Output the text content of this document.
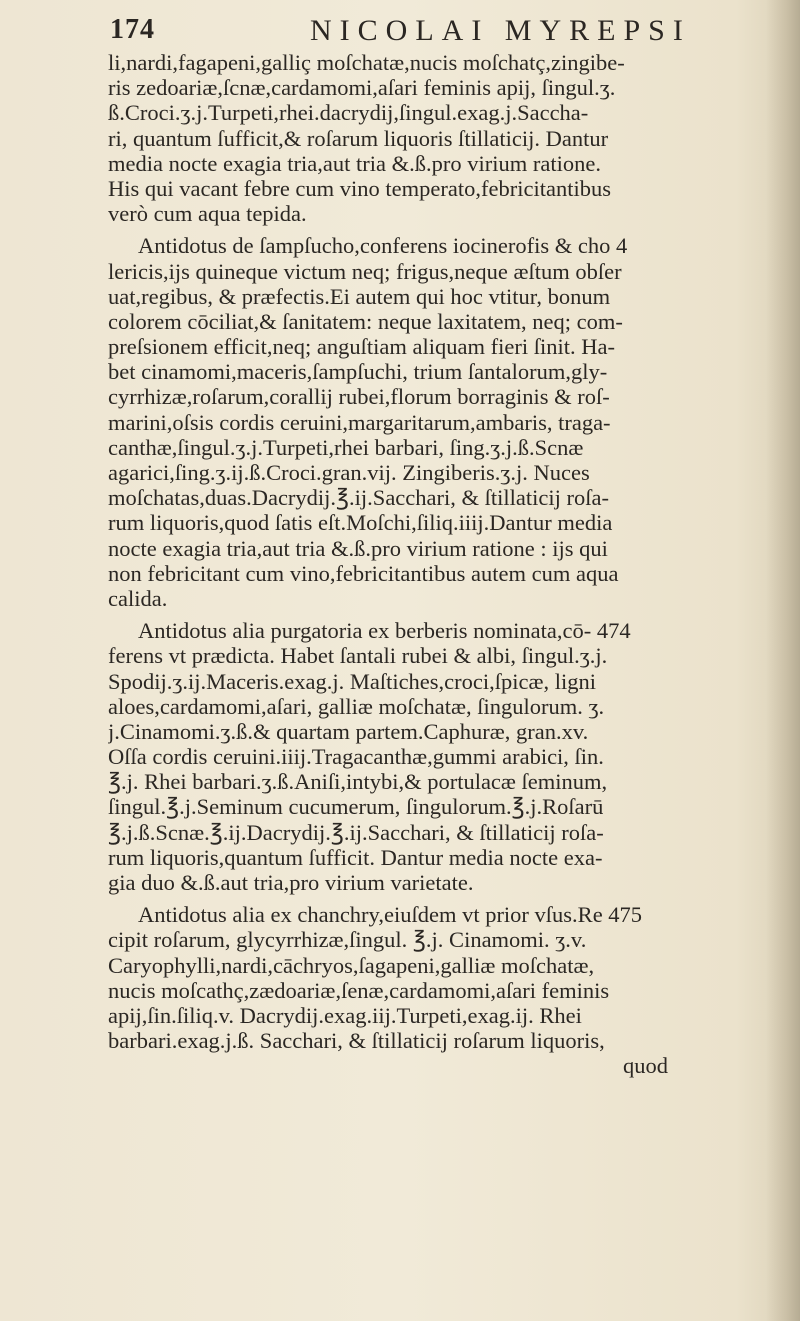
174	NICOLAI MYREPSI
li,nardi,fagapeni,galliç moſchatæ,nucis moſchatç,zingibe-
ris zedoariæ,ſcnæ,cardamomi,aſari feminis apij, ſingul.ʒ.
ß.Croci.ʒ.j.Turpeti,rhei.dacrydij,ſingul.exag.j.Saccha-
ri, quantum ſufficit,& roſarum liquoris ſtillaticij. Dantur
media nocte exagia tria,aut tria &.ß.pro virium ratione.
His qui vacant febre cum vino temperato,febricitantibus
verò cum aqua tepida.
Antidotus de ſampſucho,conferens iocinerofis & cho 4
lericis,ijs quineque victum neq; frigus,neque æſtum obſer
uat,regibus, & præfectis.Ei autem qui hoc vtitur, bonum
colorem cōciliat,& ſanitatem: neque laxitatem, neq; com-
preſsionem efficit,neq; anguſtiam aliquam fieri ſinit. Ha-
bet cinamomi,maceris,ſampſuchi, trium ſantalorum,gly-
cyrrhizæ,roſarum,corallij rubei,florum borraginis & roſ-
marini,oſsis cordis ceruini,margaritarum,ambaris, traga-
canthæ,ſingul.ʒ.j.Turpeti,rhei barbari, ſing.ʒ.j.ß.Scnæ
agarici,ſing.ʒ.ij.ß.Croci.gran.vij. Zingiberis.ʒ.j. Nuces
moſchatas,duas.Dacrydij.℥.ij.Sacchari, & ſtillaticij roſa-
rum liquoris,quod ſatis eſt.Moſchi,ſiliq.iiij.Dantur media
nocte exagia tria,aut tria &.ß.pro virium ratione : ijs qui
non febricitant cum vino,febricitantibus autem cum aqua
calida.
Antidotus alia purgatoria ex berberis nominata,cō- 474
ferens vt prædicta. Habet ſantali rubei & albi, ſingul.ʒ.j.
Spodij.ʒ.ij.Maceris.exag.j. Maſtiches,croci,ſpicæ, ligni
aloes,cardamomi,aſari, galliæ moſchatæ, ſingulorum. ʒ.
j.Cinamomi.ʒ.ß.& quartam partem.Caphuræ, gran.xv.
Oſſa cordis ceruini.iiij.Tragacanthæ,gummi arabici, ſin.
℥.j. Rhei barbari.ʒ.ß.Aniſi,intybi,& portulacæ ſeminum,
ſingul.℥.j.Seminum cucumerum, ſingulorum.℥.j.Roſarū
℥.j.ß.Scnæ.℥.ij.Dacrydij.℥.ij.Sacchari, & ſtillaticij roſa-
rum liquoris,quantum ſufficit. Dantur media nocte exa-
gia duo &.ß.aut tria,pro virium varietate.
Antidotus alia ex chanchry,eiuſdem vt prior vſus.Re 475
cipit roſarum, glycyrrhizæ,ſingul. ℥.j. Cinamomi. ʒ.v.
Caryophylli,nardi,cāchryos,ſagapeni,galliæ moſchatæ,
nucis moſcathç,zædoariæ,ſenæ,cardamomi,aſari feminis
apij,ſin.ſiliq.v. Dacrydij.exag.iij.Turpeti,exag.ij. Rhei
barbari.exag.j.ß. Sacchari, & ſtillaticij roſarum liquoris,
quod
